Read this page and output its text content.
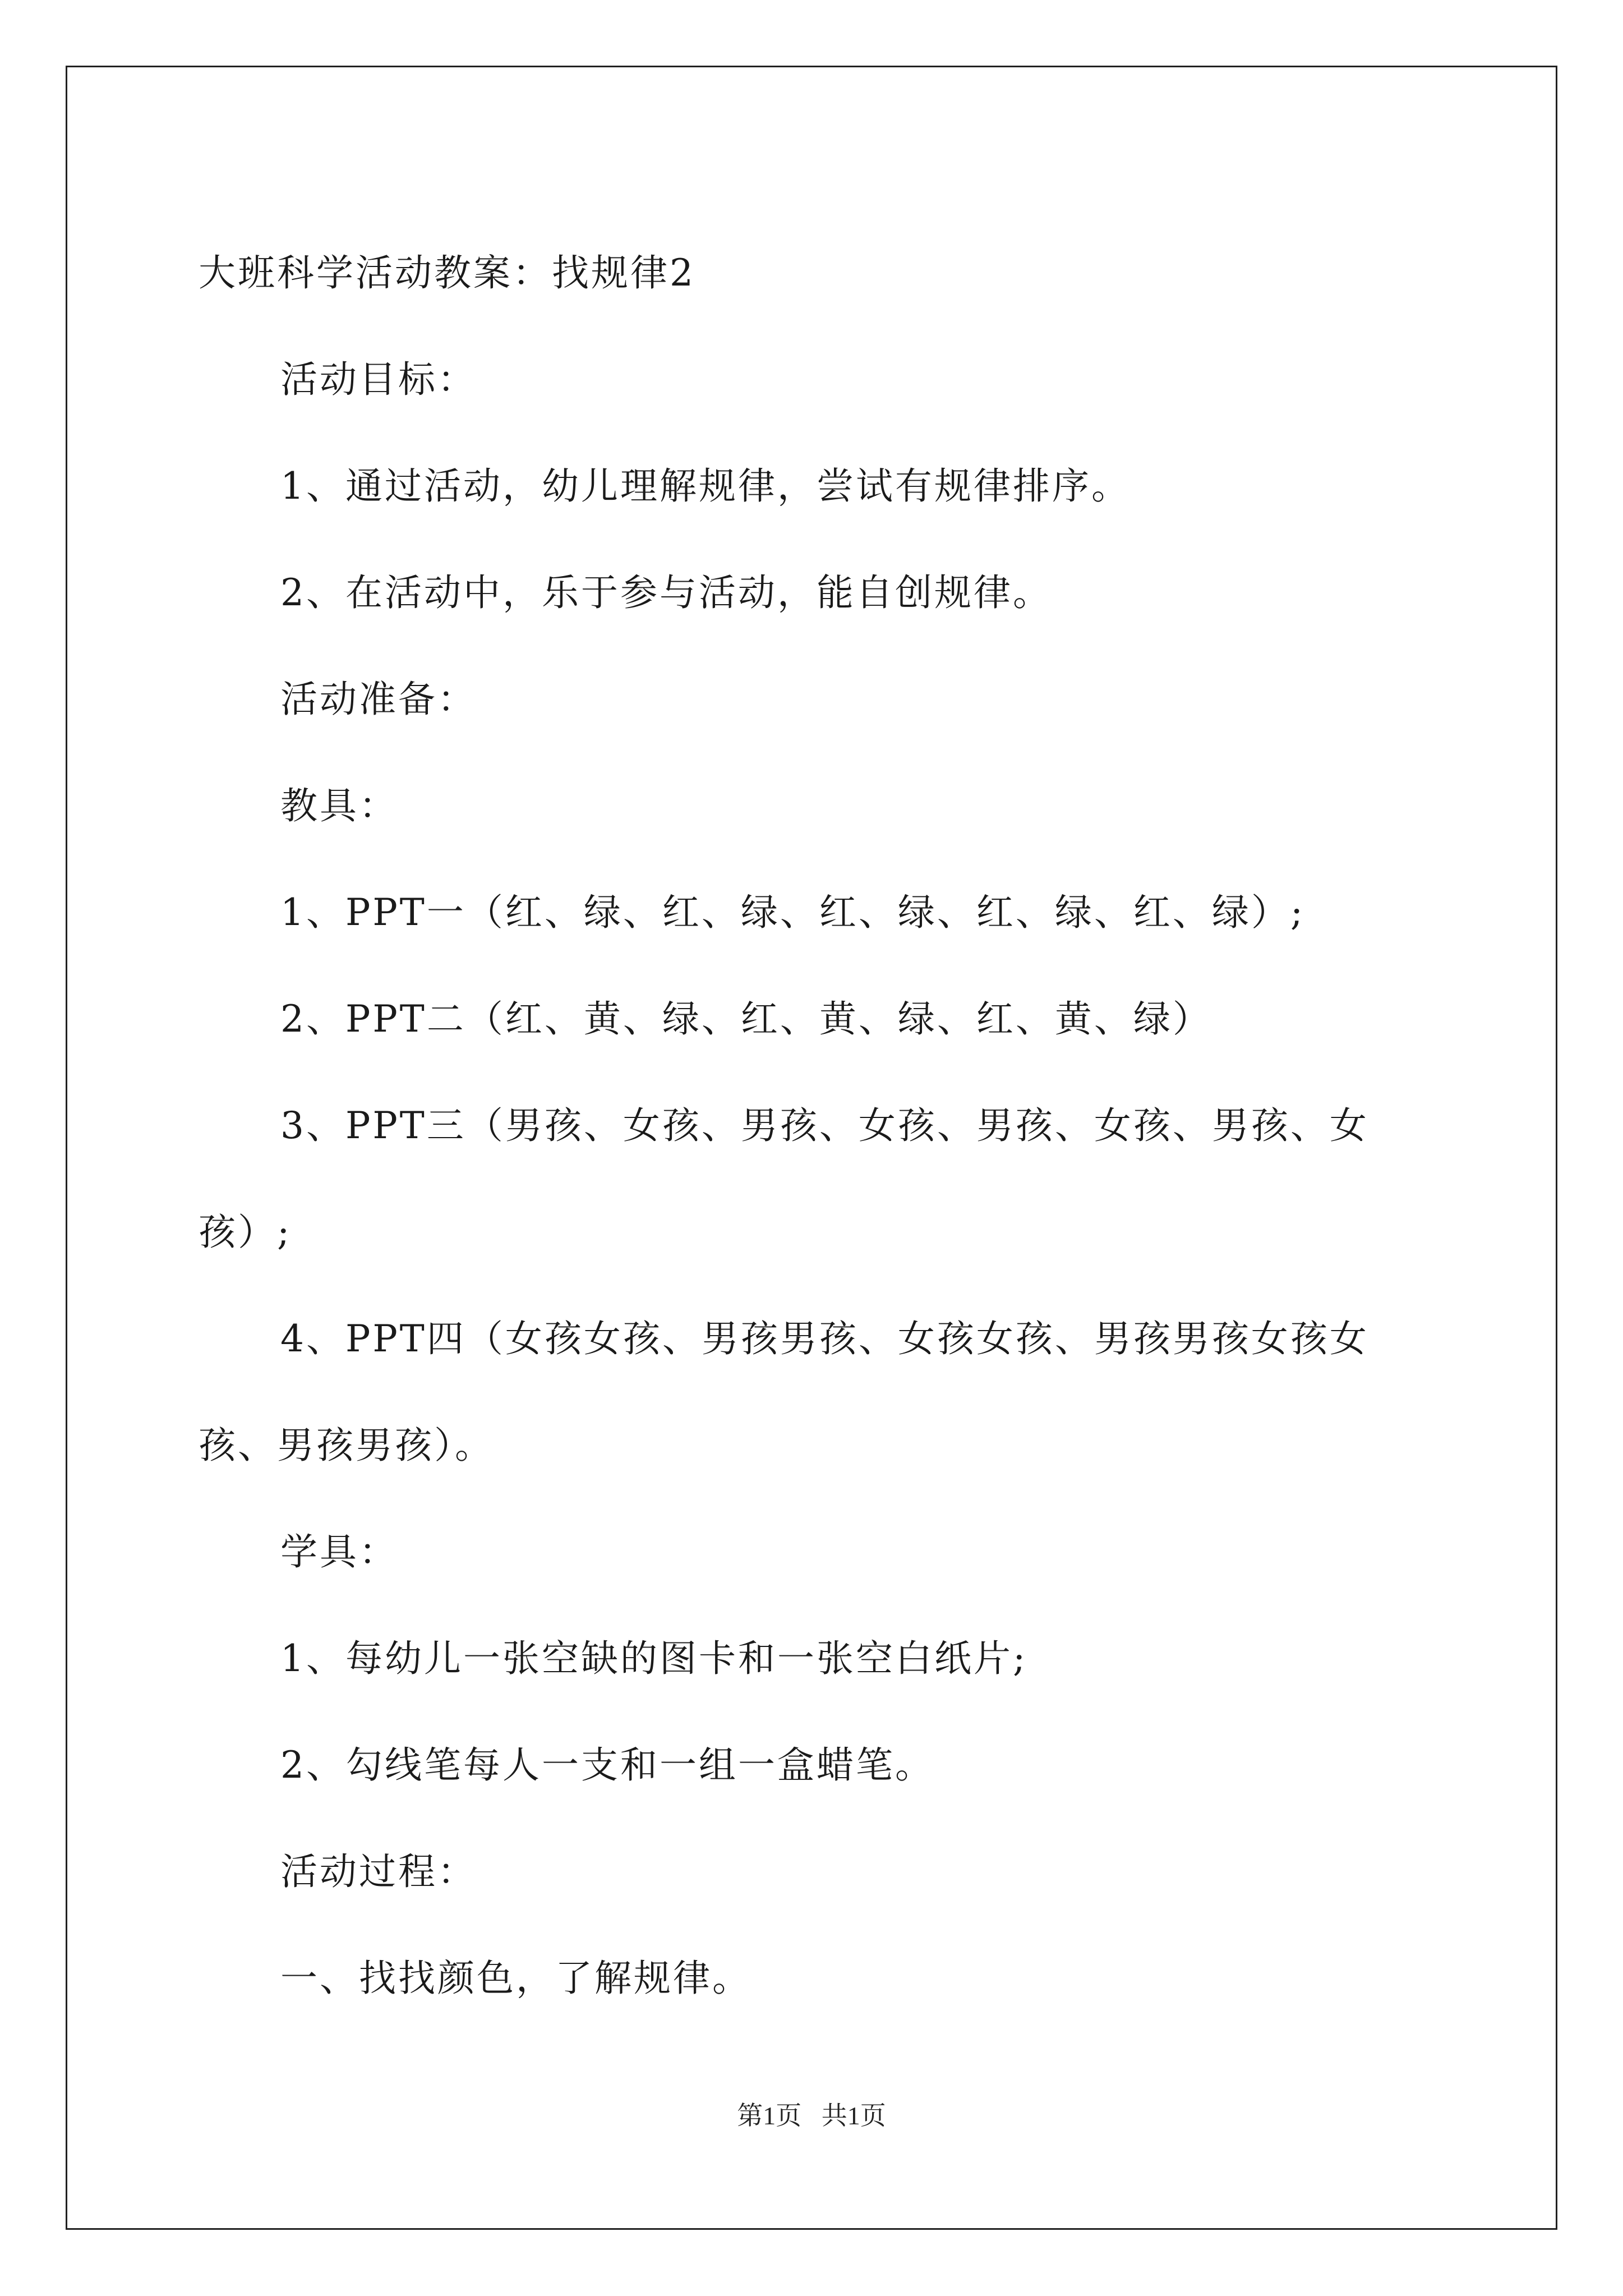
大班科学活动教案：找规律2
活动目标：
1、通过活动，幼儿理解规律，尝试有规律排序。
2、在活动中，乐于参与活动，能自创规律。
活动准备：
教具：
1、PPT一（红、绿、红、绿、红、绿、红、绿、红、绿）;
2、PPT二（红、黄、绿、红、黄、绿、红、黄、绿）
3、PPT三（男孩、女孩、男孩、女孩、男孩、女孩、男孩、女孩）;
4、PPT四（女孩女孩、男孩男孩、女孩女孩、男孩男孩女孩女孩、男孩男孩）。
学具：
1、每幼儿一张空缺的图卡和一张空白纸片;
2、勾线笔每人一支和一组一盒蜡笔。
活动过程：
一、找找颜色，了解规律。
第1页 共1页
